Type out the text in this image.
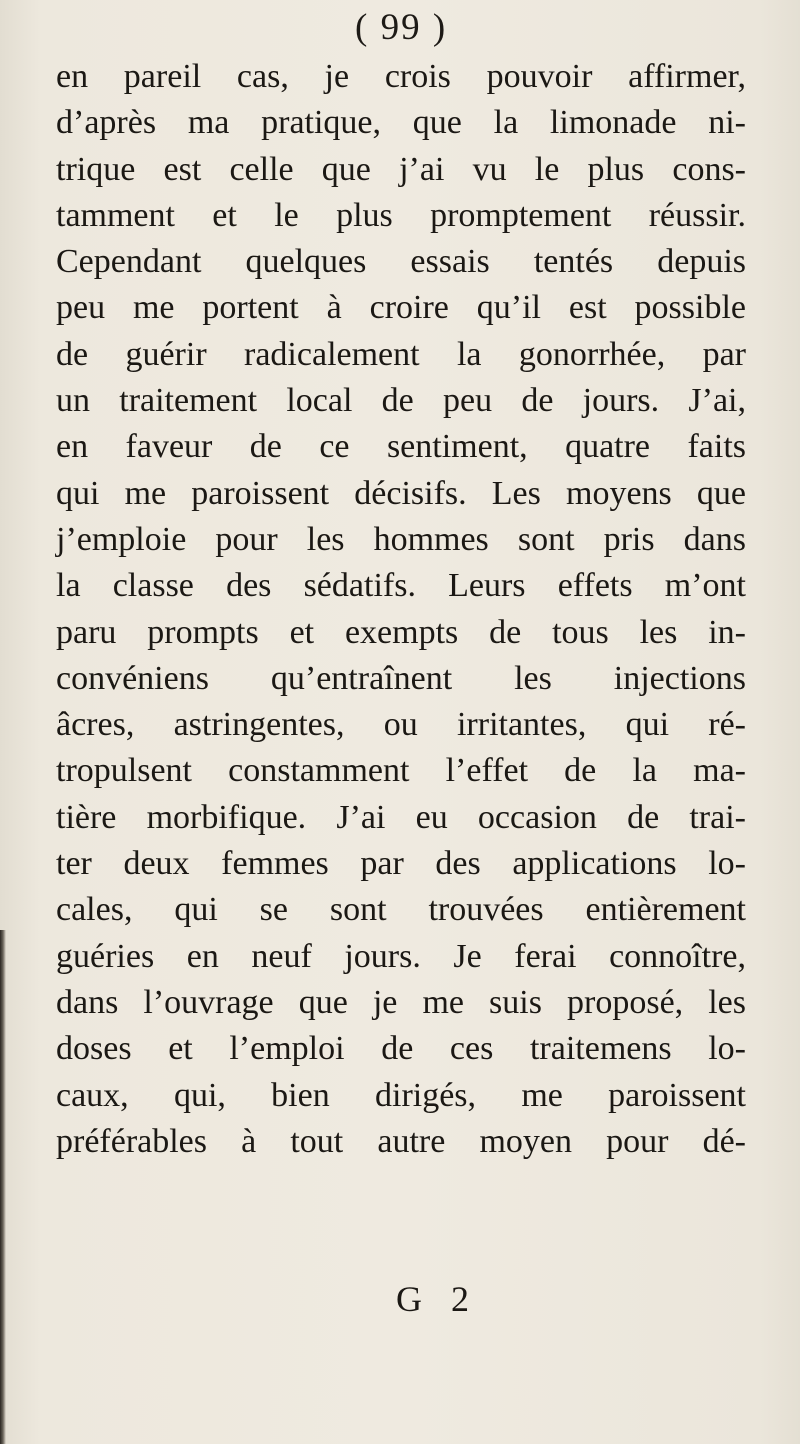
( 99 )

en pareil cas, je crois pouvoir affirmer,
d’après ma pratique, que la limonade ni-
trique est celle que j’ai vu le plus cons-
tamment et le plus promptement réussir.
Cependant quelques essais tentés depuis
peu me portent à croire qu’il est possible
de guérir radicalement la gonorrhée, par
un traitement local de peu de jours. J’ai,
en faveur de ce sentiment, quatre faits
qui me paroissent décisifs. Les moyens que
j’emploie pour les hommes sont pris dans
la classe des sédatifs. Leurs effets m’ont
paru prompts et exempts de tous les in-
convéniens qu’entraînent les injections
âcres, astringentes, ou irritantes, qui ré-
tropulsent constamment l’effet de la ma-
tière morbifique. J’ai eu occasion de trai-
ter deux femmes par des applications lo-
cales, qui se sont trouvées entièrement
guéries en neuf jours. Je ferai connoître,
dans l’ouvrage que je me suis proposé, les
doses et l’emploi de ces traitemens lo-
caux, qui, bien dirigés, me paroissent
préférables à tout autre moyen pour dé-

G 2
